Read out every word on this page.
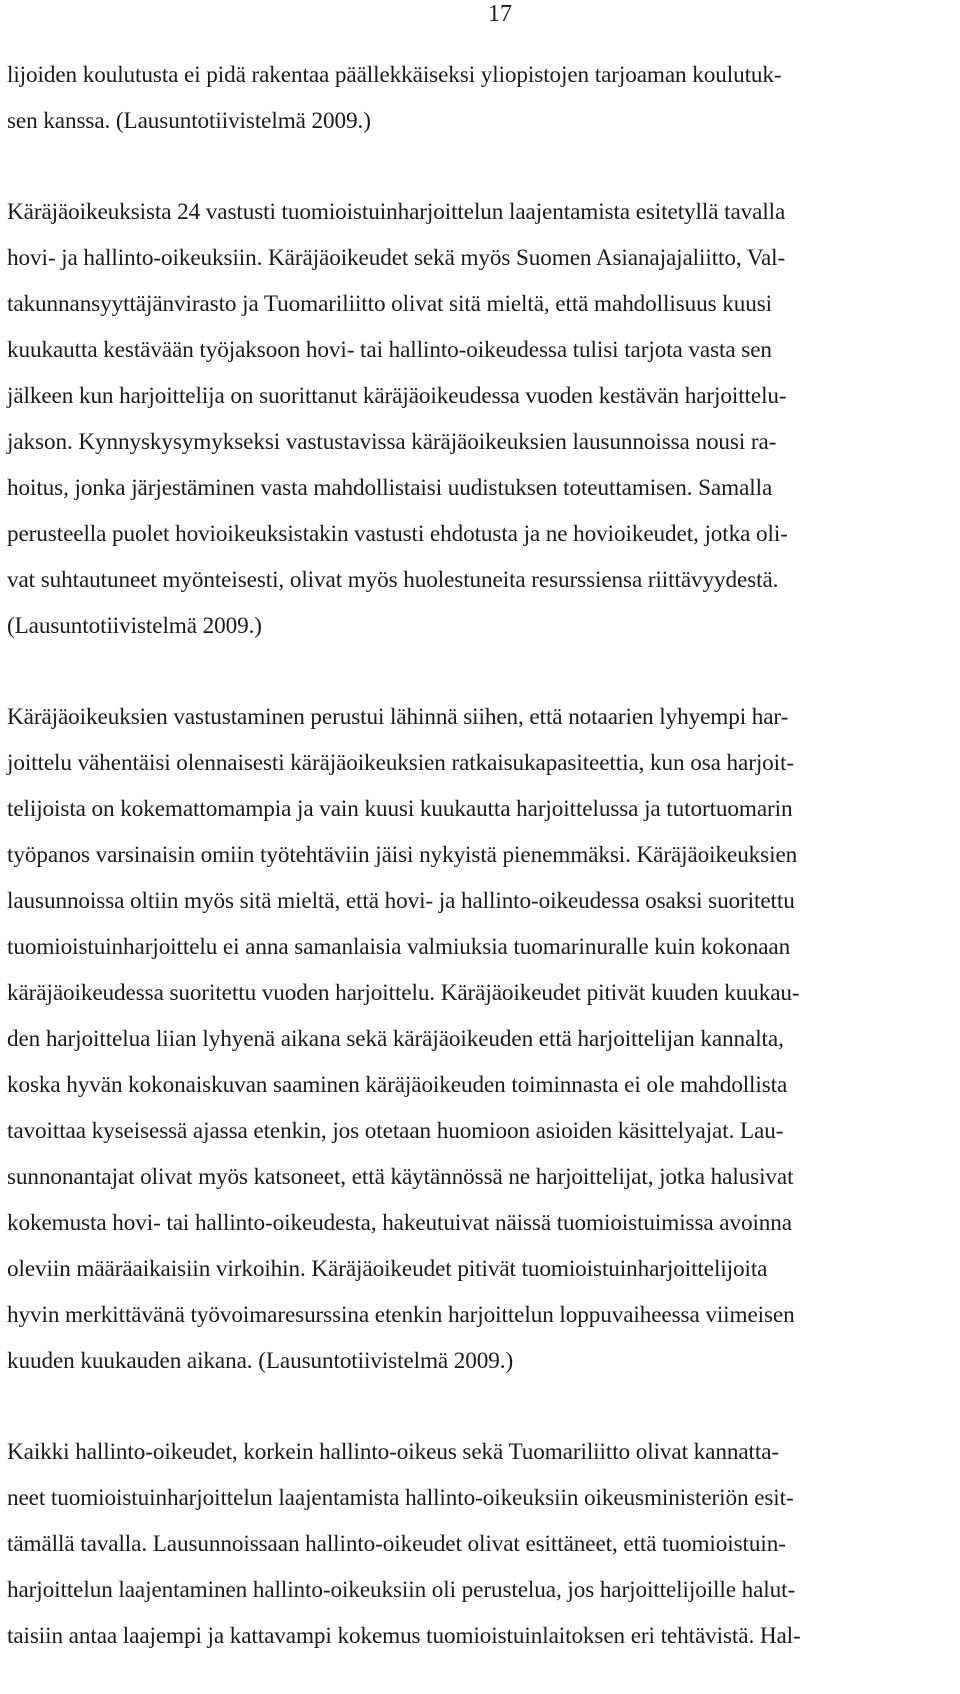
17
lijoiden koulutusta ei pidä rakentaa päällekkäiseksi yliopistojen tarjoaman koulutuk-
sen kanssa. (Lausuntotiivistelmä 2009.)
Käräjäoikeuksista 24 vastusti tuomioistuinharjoittelun laajentamista esitetyllä tavalla
hovi- ja hallinto-oikeuksiin. Käräjäoikeudet sekä myös Suomen Asianajajaliitto, Val-
takunnansyyttäjänvirasto ja Tuomariliitto olivat sitä mieltä, että mahdollisuus kuusi
kuukautta kestävään työjaksoon hovi- tai hallinto-oikeudessa tulisi tarjota vasta sen
jälkeen kun harjoittelija on suorittanut käräjäoikeudessa vuoden kestävän harjoittelu-
jakson. Kynnyskysymykseksi vastustavissa käräjäoikeuksien lausunnoissa nousi ra-
hoitus, jonka järjestäminen vasta mahdollistaisi uudistuksen toteuttamisen. Samalla
perusteella puolet hovioikeuksistakin vastusti ehdotusta ja ne hovioikeudet, jotka oli-
vat suhtautuneet myönteisesti, olivat myös huolestuneita resurssiensa riittävyydestä.
(Lausuntotiivistelmä 2009.)
Käräjäoikeuksien vastustaminen perustui lähinnä siihen, että notaarien lyhyempi har-
joittelu vähentäisi olennaisesti käräjäoikeuksien ratkaisukapasiteettia, kun osa harjoit-
telijoista on kokemattomampia ja vain kuusi kuukautta harjoittelussa ja tutortuomarin
työpanos varsinaisin omiin työtehtäviin jäisi nykyistä pienemmäksi. Käräjäoikeuksien
lausunnoissa oltiin myös sitä mieltä, että hovi- ja hallinto-oikeudessa osaksi suoritettu
tuomioistuinharjoittelu ei anna samanlaisia valmiuksia tuomarinuralle kuin kokonaan
käräjäoikeudessa suoritettu vuoden harjoittelu. Käräjäoikeudet pitivät kuuden kuukau-
den harjoittelua liian lyhyenä aikana sekä käräjäoikeuden että harjoittelijan kannalta,
koska hyvän kokonaiskuvan saaminen käräjäoikeuden toiminnasta ei ole mahdollista
tavoittaa kyseisessä ajassa etenkin, jos otetaan huomioon asioiden käsittelyajat. Lau-
sunnonantajat olivat myös katsoneet, että käytännössä ne harjoittelijat, jotka halusivat
kokemusta hovi- tai hallinto-oikeudesta, hakeutuivat näissä tuomioistuimissa avoinna
oleviin määräaikaisiin virkoihin. Käräjäoikeudet pitivät tuomioistuinharjoittelijoita
hyvin merkittävänä työvoimaresurssina etenkin harjoittelun loppuvaiheessa viimeisen
kuuden kuukauden aikana. (Lausuntotiivistelmä 2009.)
Kaikki hallinto-oikeudet, korkein hallinto-oikeus sekä Tuomariliitto olivat kannatta-
neet tuomioistuinharjoittelun laajentamista hallinto-oikeuksiin oikeusministeriön esit-
tämällä tavalla. Lausunnoissaan hallinto-oikeudet olivat esittäneet, että tuomioistuin-
harjoittelun laajentaminen hallinto-oikeuksiin oli perustelua, jos harjoittelijoille halut-
taisiin antaa laajempi ja kattavampi kokemus tuomioistuinlaitoksen eri tehtävistä. Hal-
